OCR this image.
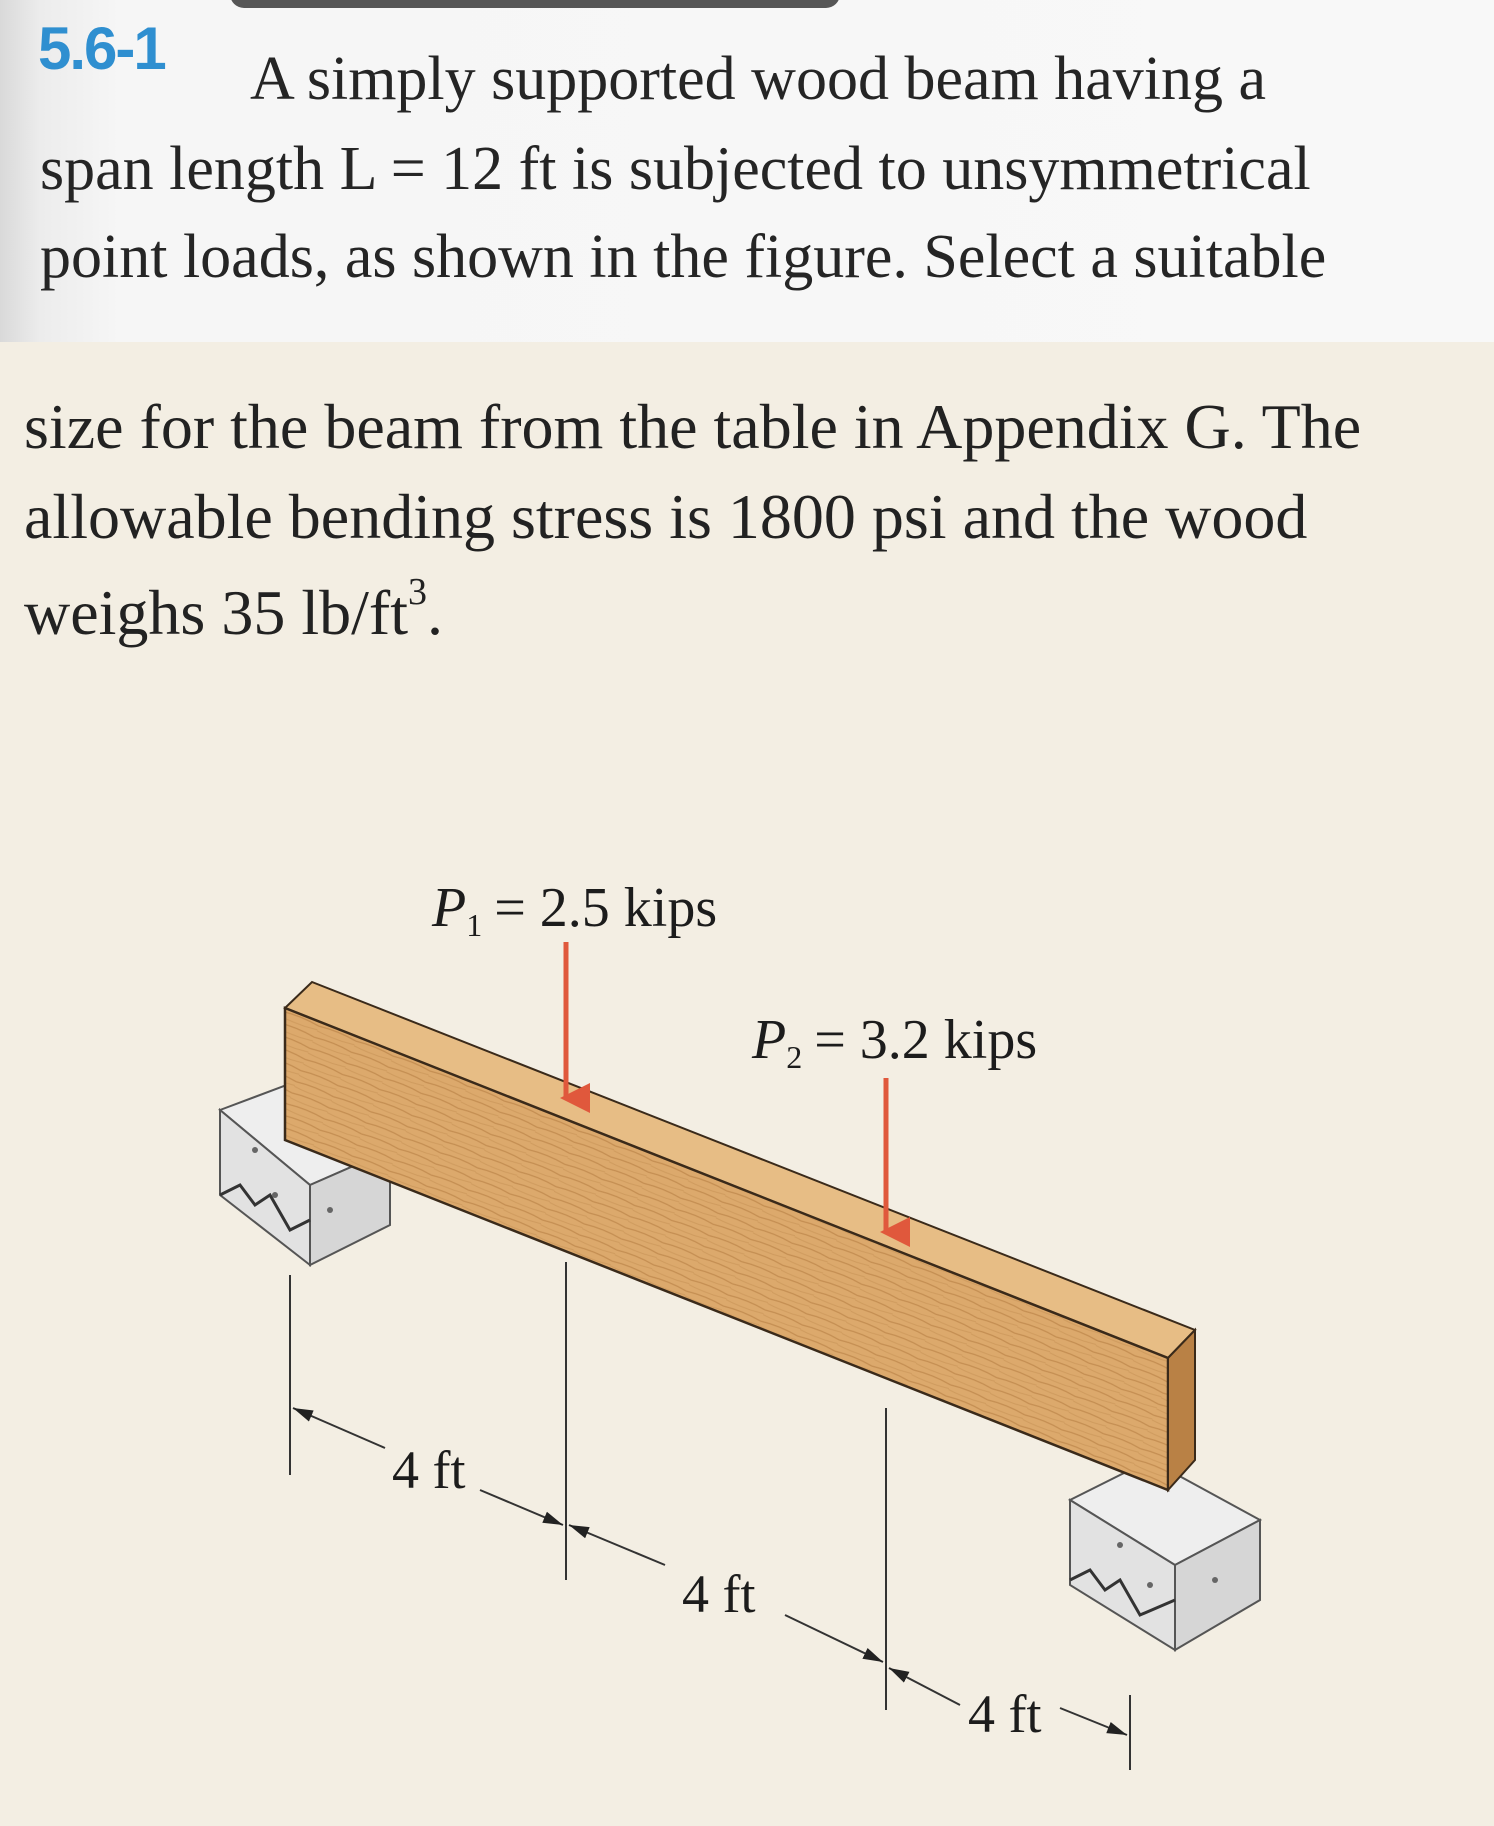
5.6-1 A simply supported wood beam having a
span length L = 12 ft is subjected to unsymmetrical
point loads, as shown in the figure. Select a suitable
size for the beam from the table in Appendix G. The
allowable bending stress is 1800 psi and the wood
weighs 35 $lb/ft^3$.
P1 = 2.5 kips
P2 = 3.2 kips
4 ft
4 ft
4 ft
